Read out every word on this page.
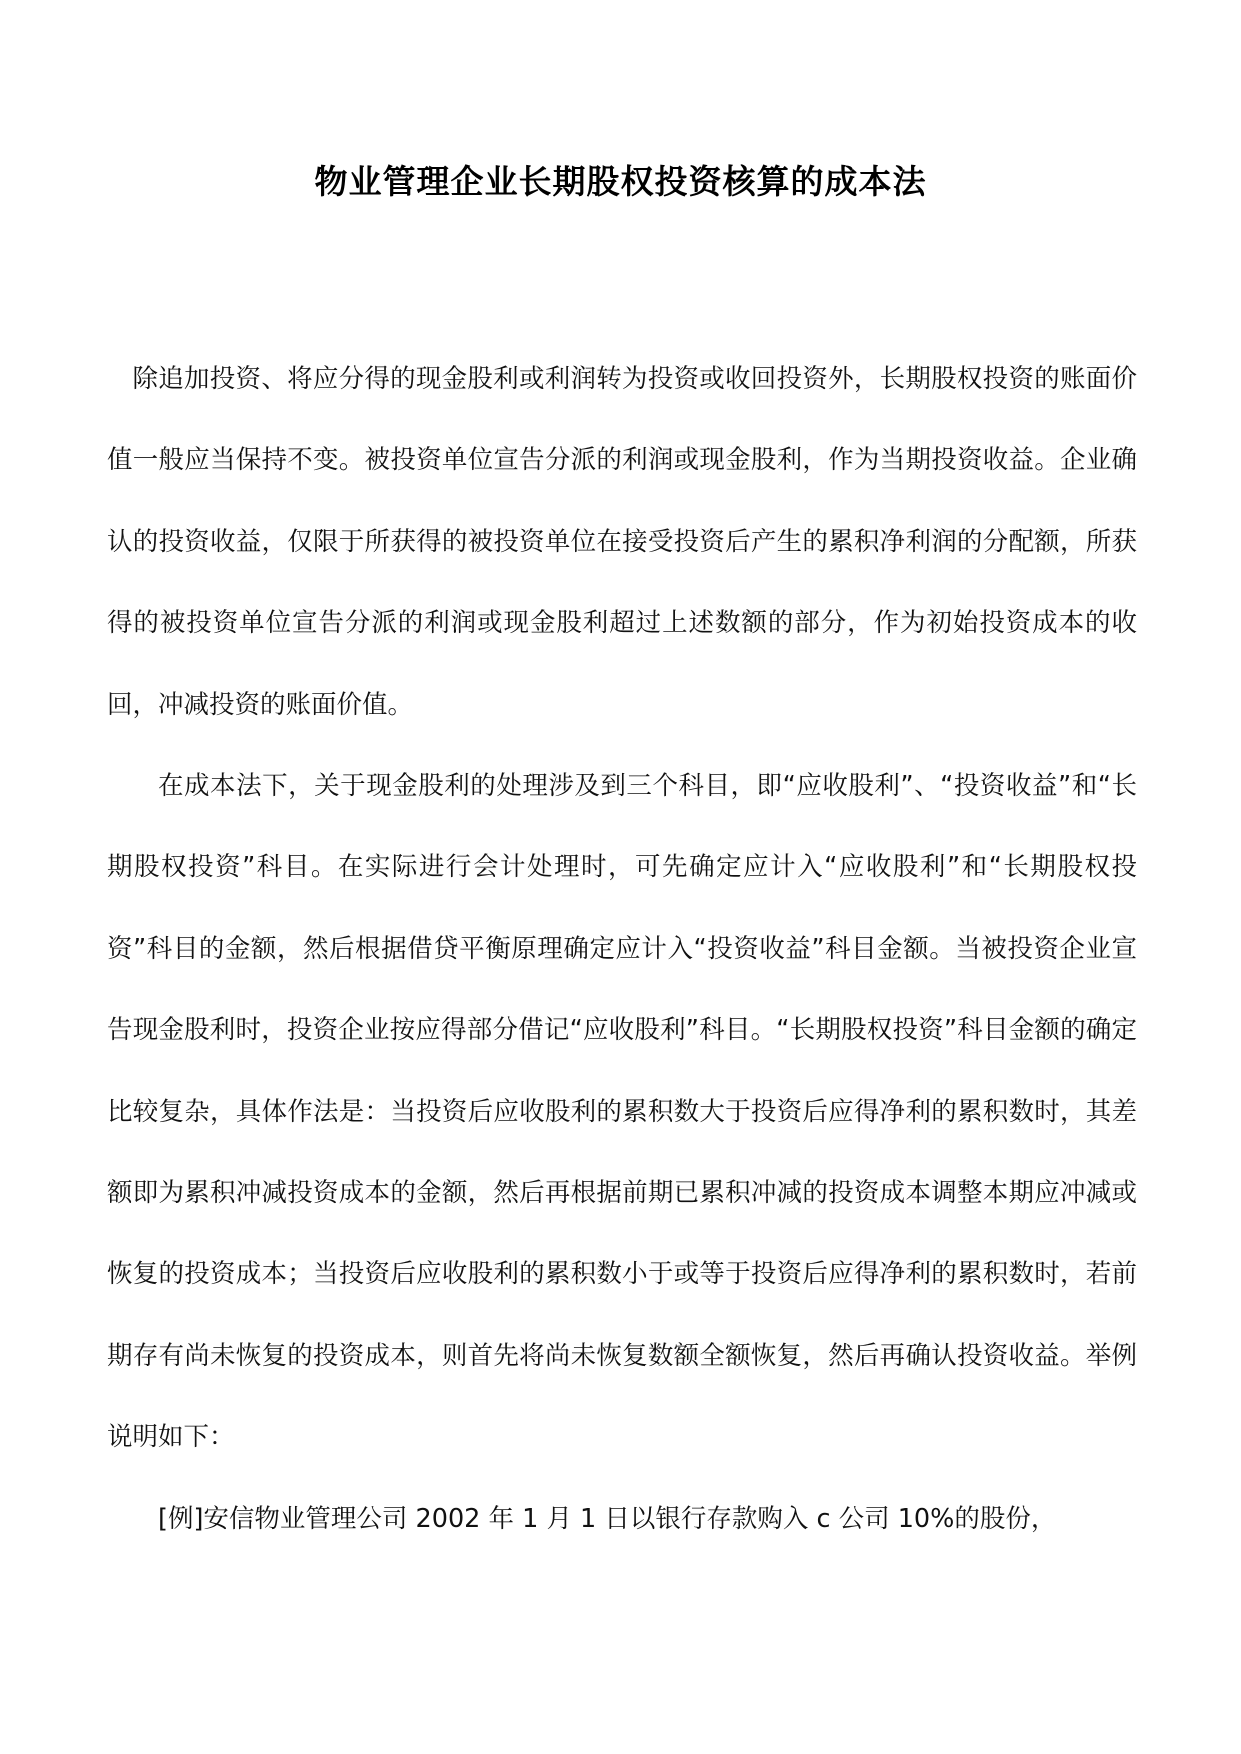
物业管理企业长期股权投资核算的成本法

除追加投资、将应分得的现金股利或利润转为投资或收回投资外，长期股权投资的账面价值一般应当保持不变。被投资单位宣告分派的利润或现金股利，作为当期投资收益。企业确认的投资收益，仅限于所获得的被投资单位在接受投资后产生的累积净利润的分配额，所获得的被投资单位宣告分派的利润或现金股利超过上述数额的部分，作为初始投资成本的收回，冲减投资的账面价值。

在成本法下，关于现金股利的处理涉及到三个科目，即“应收股利”、“投资收益”和“长期股权投资”科目。在实际进行会计处理时，可先确定应计入“应收股利”和“长期股权投资”科目的金额，然后根据借贷平衡原理确定应计入“投资收益”科目金额。当被投资企业宣告现金股利时，投资企业按应得部分借记“应收股利”科目。“长期股权投资”科目金额的确定比较复杂，具体作法是：当投资后应收股利的累积数大于投资后应得净利的累积数时，其差额即为累积冲减投资成本的金额，然后再根据前期已累积冲减的投资成本调整本期应冲减或恢复的投资成本；当投资后应收股利的累积数小于或等于投资后应得净利的累积数时，若前期存有尚未恢复的投资成本，则首先将尚未恢复数额全额恢复，然后再确认投资收益。举例说明如下：

[例]安信物业管理公司 2002 年 1 月 1 日以银行存款购入 c 公司 10%的股份，
